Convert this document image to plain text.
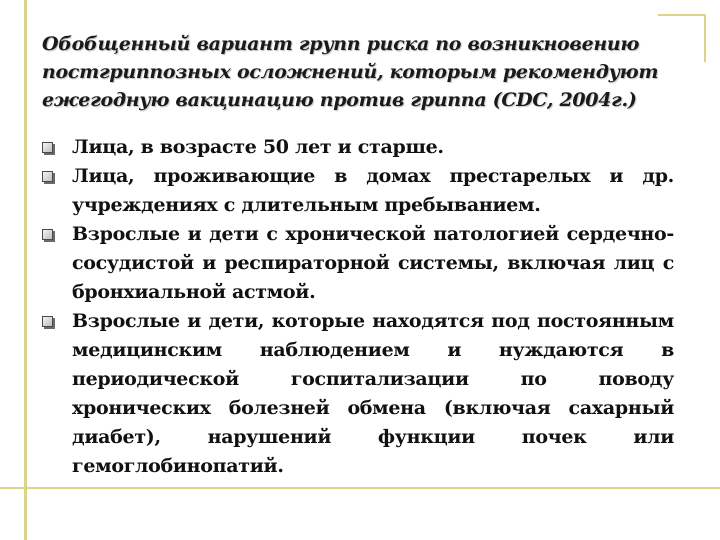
Обобщенный вариант групп риска по возникновению постгриппозных осложнений, которым рекомендуют ежегодную вакцинацию против гриппа (CDC, 2004г.)
Лица, в возрасте 50 лет и старше.
Лица, проживающие в домах престарелых и др. учреждениях с длительным пребыванием.
Взрослые и дети с хронической патологией сердечно-сосудистой и респираторной системы, включая лиц с бронхиальной астмой.
Взрослые и дети, которые находятся под постоянным медицинским наблюдением и нуждаются в периодической госпитализации по поводу хронических болезней обмена (включая сахарный диабет), нарушений функции почек или гемоглобинопатий.
